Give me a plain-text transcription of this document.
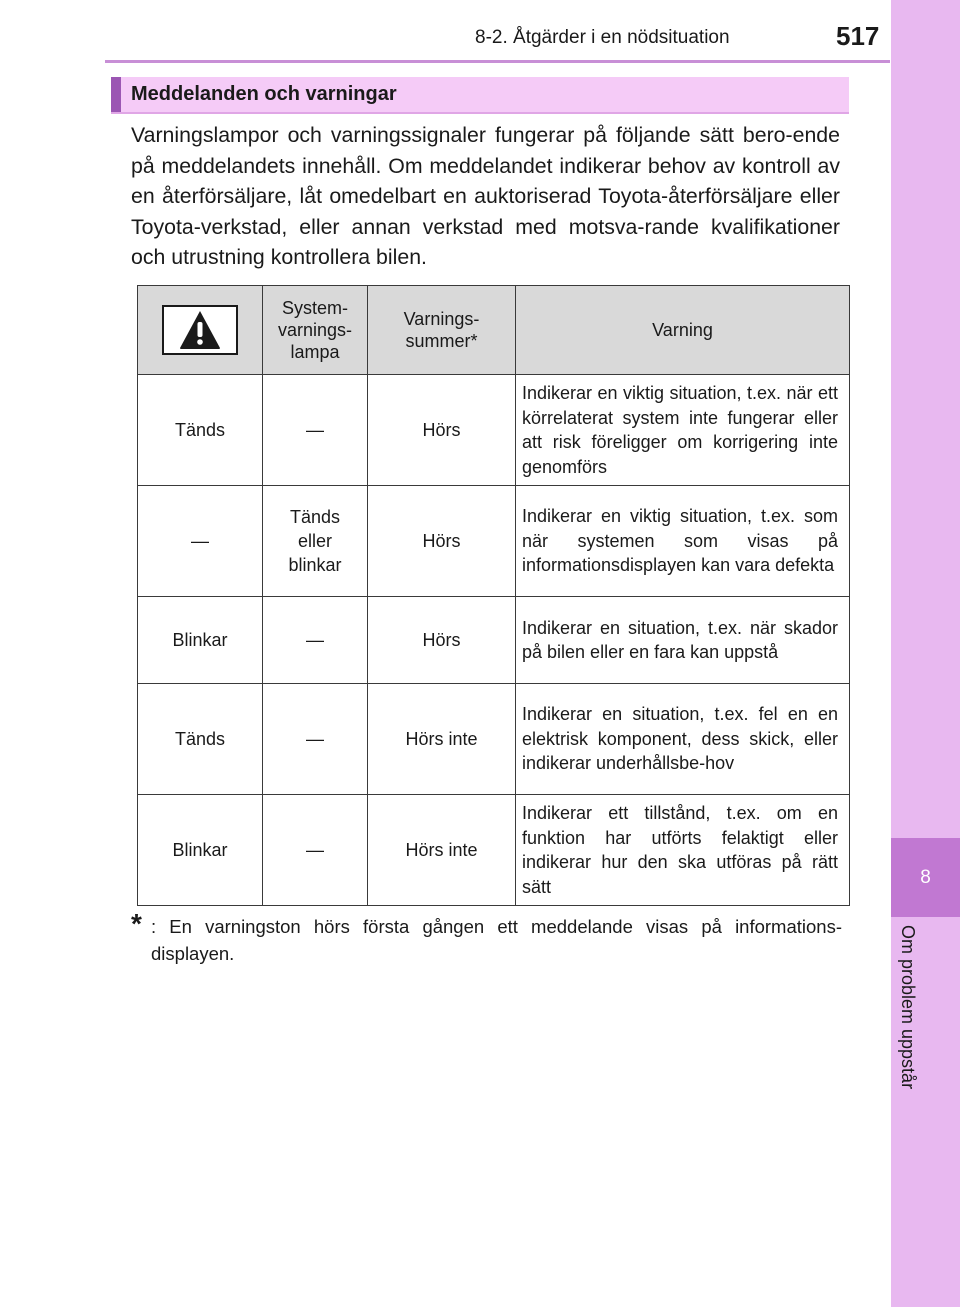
8-2. Åtgärder i en nödsituation	517
8
Om problem uppstår
Meddelanden och varningar
Varningslampor och varningssignaler fungerar på följande sätt bero-ende på meddelandets innehåll. Om meddelandet indikerar behov av kontroll av en återförsäljare, låt omedelbart en auktoriserad Toyota-återförsäljare eller Toyota-verkstad, eller annan verkstad med motsva-rande kvalifikationer och utrustning kontrollera bilen.
	System-varnings-lampa	Varnings-summer*	Varning
Tänds	—	Hörs	Indikerar en viktig situation, t.ex. när ett körrelaterat system inte fungerar eller att risk föreligger om korrigering inte genomförs
—	Tänds eller blinkar	Hörs	Indikerar en viktig situation, t.ex. som när systemen som visas på informationsdisplayen kan vara defekta
Blinkar	—	Hörs	Indikerar en situation, t.ex. när skador på bilen eller en fara kan uppstå
Tänds	—	Hörs inte	Indikerar en situation, t.ex. fel en en elektrisk komponent, dess skick, eller indikerar underhållsbe-hov
Blinkar	—	Hörs inte	Indikerar ett tillstånd, t.ex. om en funktion har utförts felaktigt eller indikerar hur den ska utföras på rätt sätt
* : En varningston hörs första gången ett meddelande visas på informations-displayen.
